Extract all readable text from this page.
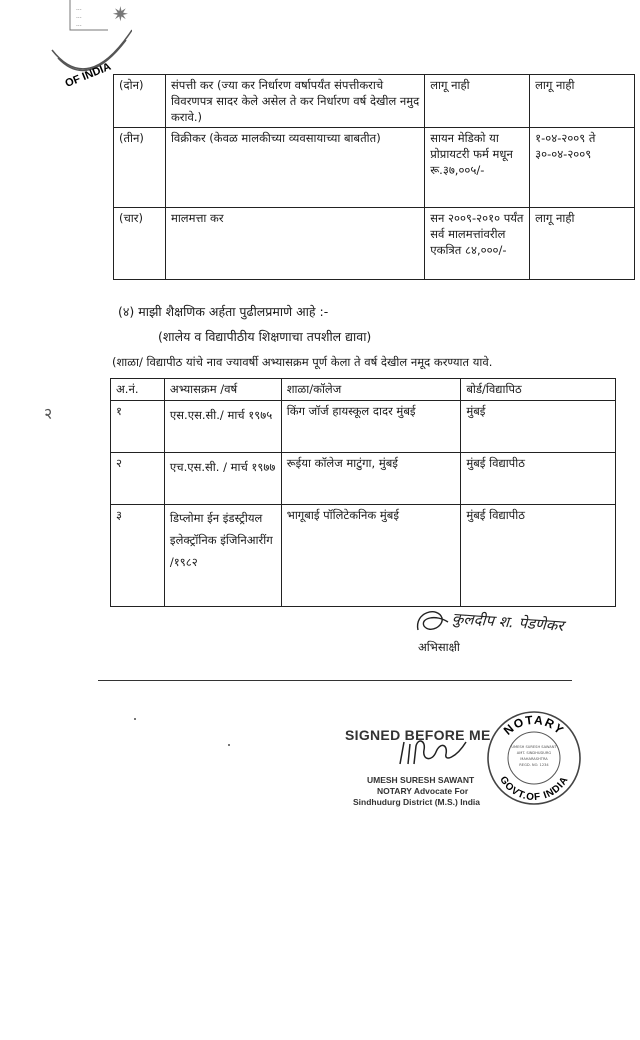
OF INDIA
...
...
... ✷
(दोन)	संपत्ती कर (ज्या कर निर्धारण वर्षापर्यंत संपत्तीकराचे विवरणपत्र सादर केले असेल ते कर निर्धारण वर्ष देखील नमुद करावे.)	लागू नाही	लागू नाही
(तीन)	विक्रीकर (केवळ मालकीच्या व्यवसायाच्या बाबतीत)	सायन मेडिको या प्रोप्रायटरी फर्म मधून रू.३७,००५/-	१-०४-२००९ ते ३०-०४-२००९
(चार)	मालमत्ता कर	सन २००९-२०१० पर्यंत सर्व मालमत्तांवरील एकत्रित ८४,०००/-	लागू नाही
(४) माझी शैक्षणिक अर्हता पुढीलप्रमाणे आहे :-
(शालेय व विद्यापीठीय शिक्षणाचा तपशील द्यावा)
(शाळा/ विद्यापीठ यांचे नाव ज्यावर्षी अभ्यासक्रम पूर्ण केला ते वर्ष देखील नमूद करण्यात यावे.
२
अ.नं.	अभ्यासक्रम /वर्ष	शाळा/कॉलेज	बोर्ड/विद्यापिठ
१	एस.एस.सी./ मार्च १९७५	किंग जॉर्ज हायस्कूल दादर मुंबई	मुंबई
२	एच.एस.सी. / मार्च १९७७	रूईया कॉलेज माटुंगा, मुंबई	मुंबई विद्यापीठ
३	डिप्लोमा ईन इंडस्ट्रीयल इलेक्ट्रॉनिक इंजिनिआरींग /१९८२	भागूबाई पॉलिटेकनिक मुंबई	मुंबई विद्यापीठ
कुलदीप श. पेडणेकर
अभिसाक्षी
SIGNED BEFORE ME
UMESH SURESH SAWANT
NOTARY Advocate For
Sindhudurg District (M.S.) India
NOTARY
GOVT.OF INDIA
UMESH SURESH SAWANT
AMT. SINDHUDURG
MAHARASHTRA
REGD. NO. 1234
